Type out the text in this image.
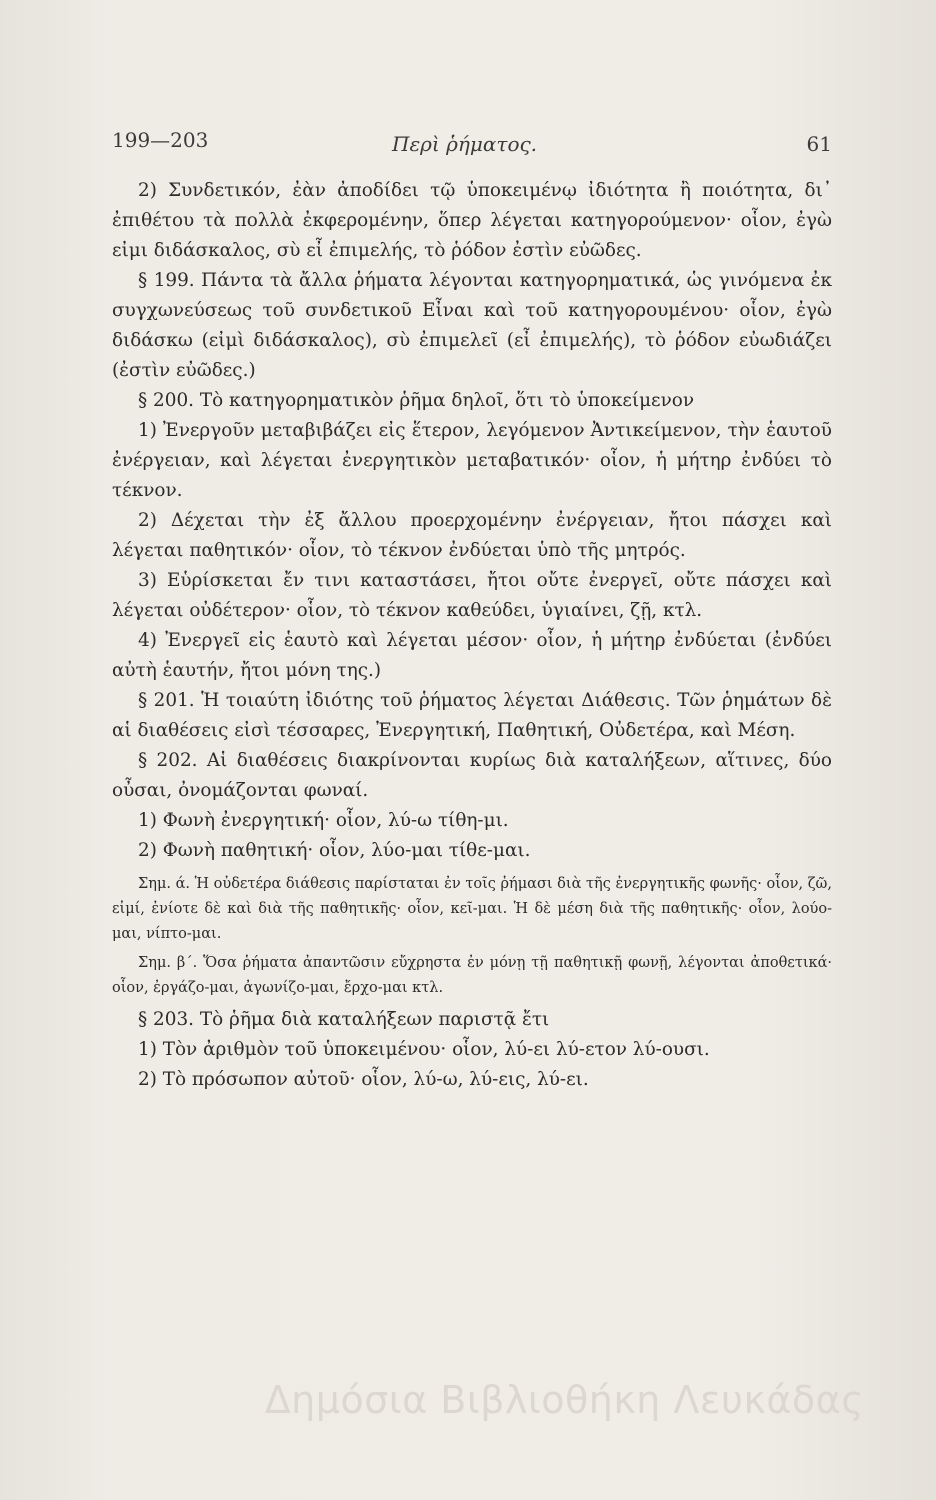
199—203	Περὶ ῥήματος.	61

2) Συνδετικόν, ἐὰν ἀποδίδει τῷ ὑποκειμένῳ ἰδιότητα ἢ ποιότητα, δι᾽ ἐπιθέτου τὰ πολλὰ ἐκφερομένην, ὅπερ λέγεται κατηγορούμενον· οἷον, ἐγὼ εἰμι διδάσκαλος, σὺ εἶ ἐπιμελής, τὸ ῥόδον ἐστὶν εὐῶδες.

§ 199. Πάντα τὰ ἄλλα ῥήματα λέγονται κατηγορηματικά, ὡς γινόμενα ἐκ συγχωνεύσεως τοῦ συνδετικοῦ Εἶναι καὶ τοῦ κατηγορουμένου· οἷον, ἐγὼ διδάσκω (εἰμὶ διδάσκαλος), σὺ ἐπιμελεῖ (εἶ ἐπιμελής), τὸ ῥόδον εὐωδιάζει (ἐστὶν εὐῶδες.)

§ 200. Τὸ κατηγορηματικὸν ῥῆμα δηλοῖ, ὅτι τὸ ὑποκείμενον

1) Ἐνεργοῦν μεταβιβάζει εἰς ἕτερον, λεγόμενον Ἀντικείμενον, τὴν ἑαυτοῦ ἐνέργειαν, καὶ λέγεται ἐνεργητικὸν μεταβατικόν· οἷον, ἡ μήτηρ ἐνδύει τὸ τέκνον.

2) Δέχεται τὴν ἐξ ἄλλου προερχομένην ἐνέργειαν, ἤτοι πάσχει καὶ λέγεται παθητικόν· οἷον, τὸ τέκνον ἐνδύεται ὑπὸ τῆς μητρός.

3) Εὑρίσκεται ἔν τινι καταστάσει, ἤτοι οὔτε ἐνεργεῖ, οὔτε πάσχει καὶ λέγεται οὐδέτερον· οἷον, τὸ τέκνον καθεύδει, ὑγιαίνει, ζῇ, κτλ.

4) Ἐνεργεῖ εἰς ἑαυτὸ καὶ λέγεται μέσον· οἷον, ἡ μήτηρ ἐνδύεται (ἐνδύει αὐτὴ ἑαυτήν, ἤτοι μόνη της.)

§ 201. Ἡ τοιαύτη ἰδιότης τοῦ ῥήματος λέγεται Διάθεσις. Τῶν ῥημάτων δὲ αἱ διαθέσεις εἰσὶ τέσσαρες, Ἐνεργητική, Παθητική, Οὐδετέρα, καὶ Μέση.

§ 202. Αἱ διαθέσεις διακρίνονται κυρίως διὰ καταλήξεων, αἵτινες, δύο οὖσαι, ὀνομάζονται φωναί.

1) Φωνὴ ἐνεργητική· οἷον, λύ-ω τίθη-μι.

2) Φωνὴ παθητική· οἷον, λύο-μαι τίθε-μαι.

Σημ. ά. Ἡ οὐδετέρα διάθεσις παρίσταται ἐν τοῖς ῥήμασι διὰ τῆς ἐνεργητικῆς φωνῆς· οἷον, ζῶ, εἰμί, ἐνίοτε δὲ καὶ διὰ τῆς παθητικῆς· οἷον, κεῖ-μαι. Ἡ δὲ μέση διὰ τῆς παθητικῆς· οἷον, λούο-μαι, νίπτο-μαι.

Σημ. β΄. Ὅσα ῥήματα ἀπαντῶσιν εὔχρηστα ἐν μόνῃ τῇ παθητικῇ φωνῇ, λέγονται ἀποθετικά· οἷον, ἐργάζο-μαι, ἀγωνίζο-μαι, ἔρχο-μαι κτλ.

§ 203. Τὸ ῥῆμα διὰ καταλήξεων παριστᾷ ἔτι

1) Τὸν ἀριθμὸν τοῦ ὑποκειμένου· οἷον, λύ-ει λύ-ετον λύ-ουσι.

2) Τὸ πρόσωπον αὐτοῦ· οἷον, λύ-ω, λύ-εις, λύ-ει.

Δημόσια Βιβλιοθήκη Λευκάδας
